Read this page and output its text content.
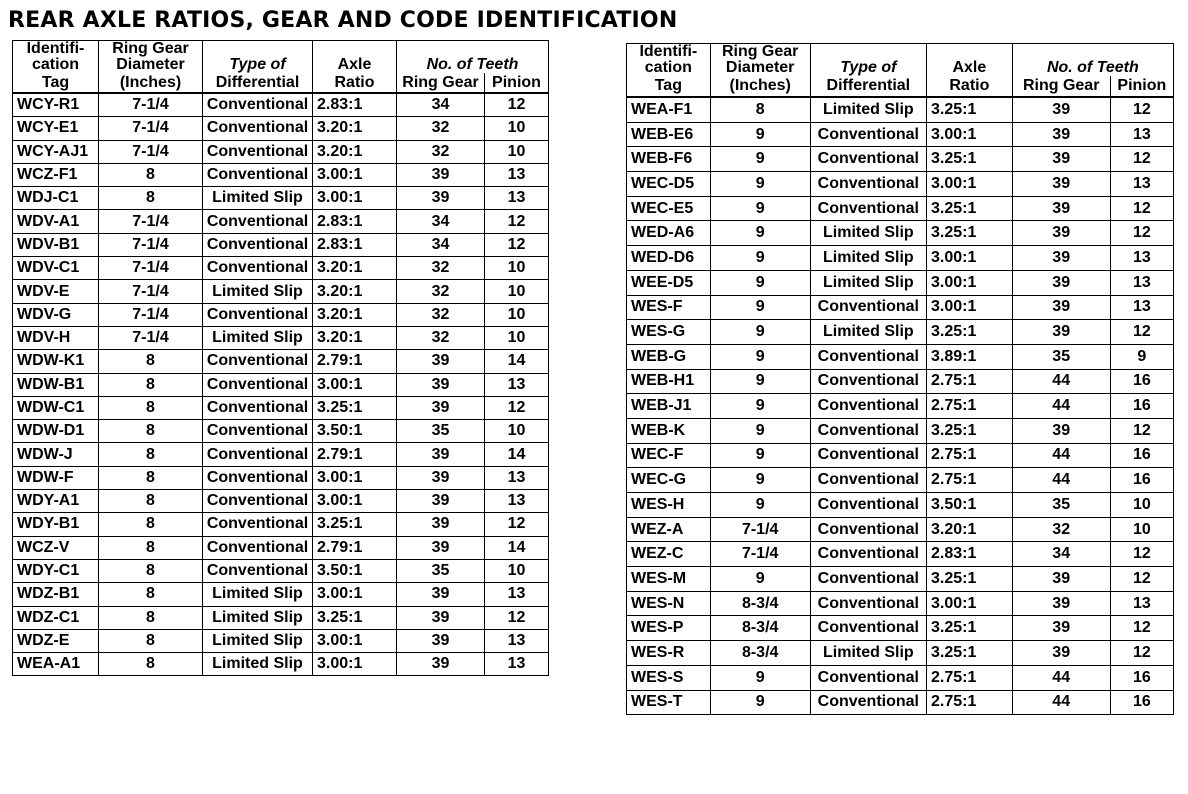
REAR AXLE RATIOS, GEAR AND CODE IDENTIFICATION
Identifi-	Ring Gear				
cation	Diameter	Type of	Axle	No. of Teeth	
Tag	(Inches)	Differential	Ratio	Ring Gear	Pinion
WCY-R1	7-1/4	Conventional	2.83:1	34	12
WCY-E1	7-1/4	Conventional	3.20:1	32	10
WCY-AJ1	7-1/4	Conventional	3.20:1	32	10
WCZ-F1	8	Conventional	3.00:1	39	13
WDJ-C1	8	Limited Slip	3.00:1	39	13
WDV-A1	7-1/4	Conventional	2.83:1	34	12
WDV-B1	7-1/4	Conventional	2.83:1	34	12
WDV-C1	7-1/4	Conventional	3.20:1	32	10
WDV-E	7-1/4	Limited Slip	3.20:1	32	10
WDV-G	7-1/4	Conventional	3.20:1	32	10
WDV-H	7-1/4	Limited Slip	3.20:1	32	10
WDW-K1	8	Conventional	2.79:1	39	14
WDW-B1	8	Conventional	3.00:1	39	13
WDW-C1	8	Conventional	3.25:1	39	12
WDW-D1	8	Conventional	3.50:1	35	10
WDW-J	8	Conventional	2.79:1	39	14
WDW-F	8	Conventional	3.00:1	39	13
WDY-A1	8	Conventional	3.00:1	39	13
WDY-B1	8	Conventional	3.25:1	39	12
WCZ-V	8	Conventional	2.79:1	39	14
WDY-C1	8	Conventional	3.50:1	35	10
WDZ-B1	8	Limited Slip	3.00:1	39	13
WDZ-C1	8	Limited Slip	3.25:1	39	12
WDZ-E	8	Limited Slip	3.00:1	39	13
WEA-A1	8	Limited Slip	3.00:1	39	13
Identifi-	Ring Gear				
cation	Diameter	Type of	Axle	No. of Teeth	
Tag	(Inches)	Differential	Ratio	Ring Gear	Pinion
WEA-F1	8	Limited Slip	3.25:1	39	12
WEB-E6	9	Conventional	3.00:1	39	13
WEB-F6	9	Conventional	3.25:1	39	12
WEC-D5	9	Conventional	3.00:1	39	13
WEC-E5	9	Conventional	3.25:1	39	12
WED-A6	9	Limited Slip	3.25:1	39	12
WED-D6	9	Limited Slip	3.00:1	39	13
WEE-D5	9	Limited Slip	3.00:1	39	13
WES-F	9	Conventional	3.00:1	39	13
WES-G	9	Limited Slip	3.25:1	39	12
WEB-G	9	Conventional	3.89:1	35	9
WEB-H1	9	Conventional	2.75:1	44	16
WEB-J1	9	Conventional	2.75:1	44	16
WEB-K	9	Conventional	3.25:1	39	12
WEC-F	9	Conventional	2.75:1	44	16
WEC-G	9	Conventional	2.75:1	44	16
WES-H	9	Conventional	3.50:1	35	10
WEZ-A	7-1/4	Conventional	3.20:1	32	10
WEZ-C	7-1/4	Conventional	2.83:1	34	12
WES-M	9	Conventional	3.25:1	39	12
WES-N	8-3/4	Conventional	3.00:1	39	13
WES-P	8-3/4	Conventional	3.25:1	39	12
WES-R	8-3/4	Limited Slip	3.25:1	39	12
WES-S	9	Conventional	2.75:1	44	16
WES-T	9	Conventional	2.75:1	44	16
